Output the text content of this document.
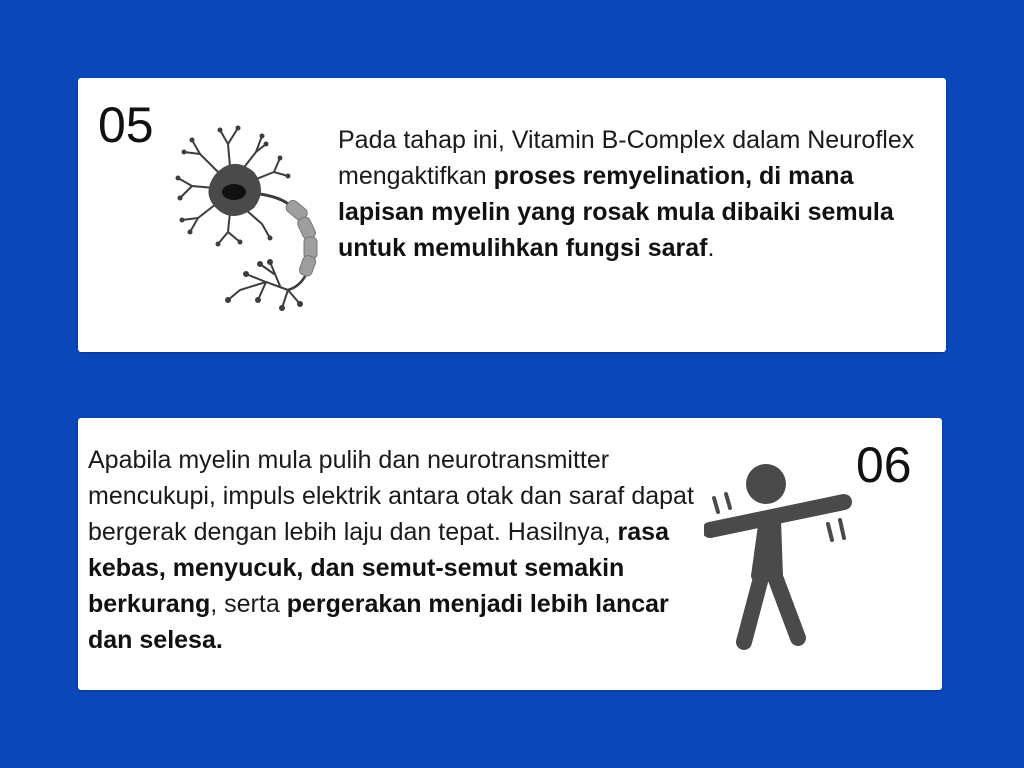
05	Pada tahap ini, Vitamin B-Complex dalam Neuroflex mengaktifkan proses remyelination, di mana lapisan myelin yang rosak mula dibaiki semula untuk memulihkan fungsi saraf.

Apabila myelin mula pulih dan neurotransmitter mencukupi, impuls elektrik antara otak dan saraf dapat bergerak dengan lebih laju dan tepat. Hasilnya, rasa kebas, menyucuk, dan semut-semut semakin berkurang, serta pergerakan menjadi lebih lancar dan selesa.

06
